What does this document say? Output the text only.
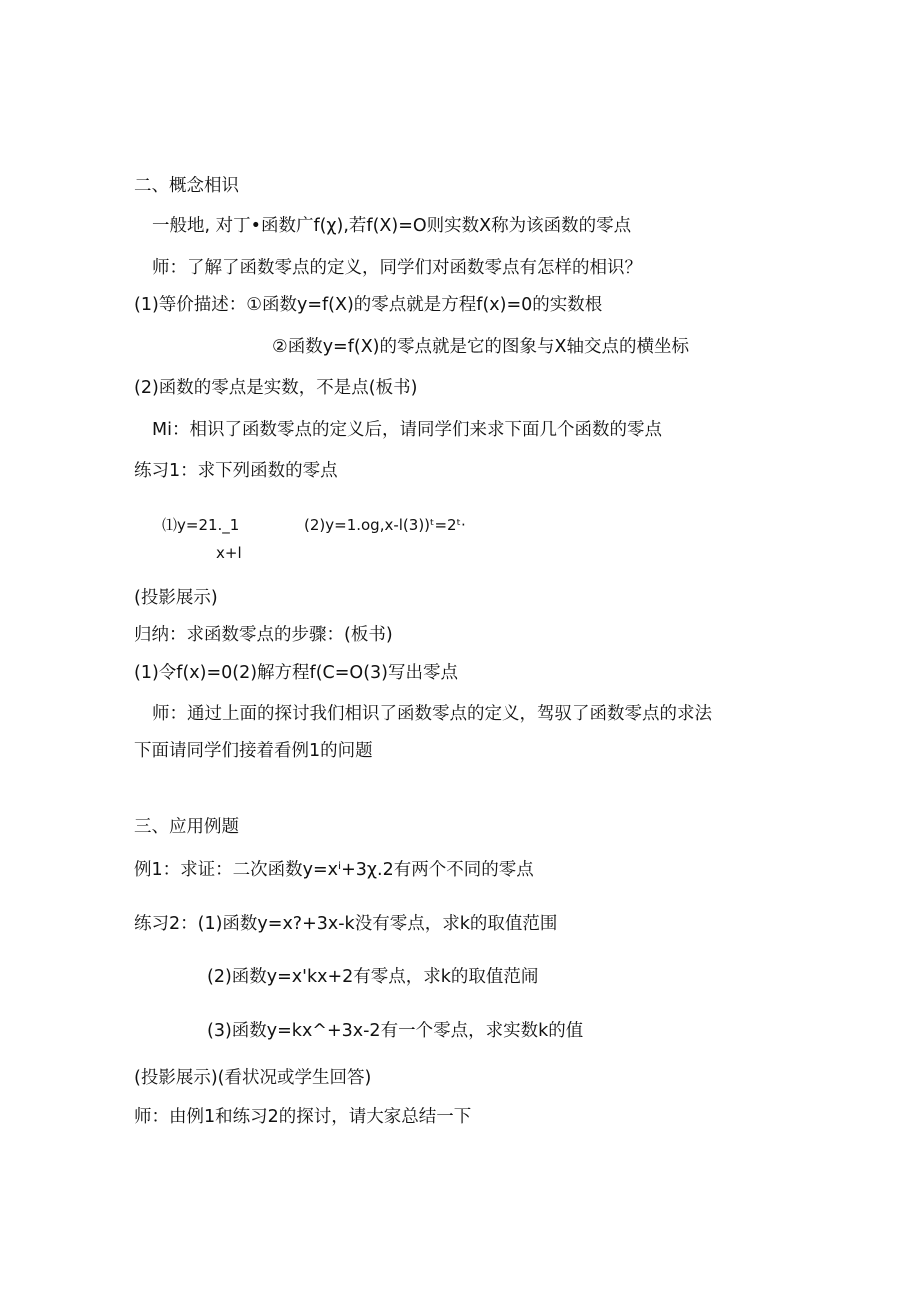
二、概念相识
一般地, 对丁•函数广f(χ),若f(X)=O则实数X称为该函数的零点
师：了解了函数零点的定义，同学们对函数零点有怎样的相识？
(1)等价描述：①函数y=f(X)的零点就是方程f(x)=0的实数根
②函数y=f(X)的零点就是它的图象与X轴交点的横坐标
(2)函数的零点是实数，不是点(板书)
Mi：相识了函数零点的定义后，请同学们来求下面几个函数的零点
练习1：求下列函数的零点
⑴y=21._1
x+l
(2)y=1.og,x-l(3))ᵗ=2ᵗ·
(投影展示)
归纳：求函数零点的步骤：(板书)
(1)令f(x)=0(2)解方程f(C=O(3)写出零点
师：通过上面的探讨我们相识了函数零点的定义，驾驭了函数零点的求法
下面请同学们接着看例1的问题
三、应用例题
例1：求证：二次函数y=xⁱ+3χ.2有两个不同的零点
练习2：(1)函数y=x?+3x-k没有零点，求k的取值范围
(2)函数y=x'kx+2有零点，求k的取值范闹
(3)函数y=kx^+3x-2有一个零点，求实数k的值
(投影展示)(看状况或学生回答)
师：由例1和练习2的探讨，请大家总结一下
